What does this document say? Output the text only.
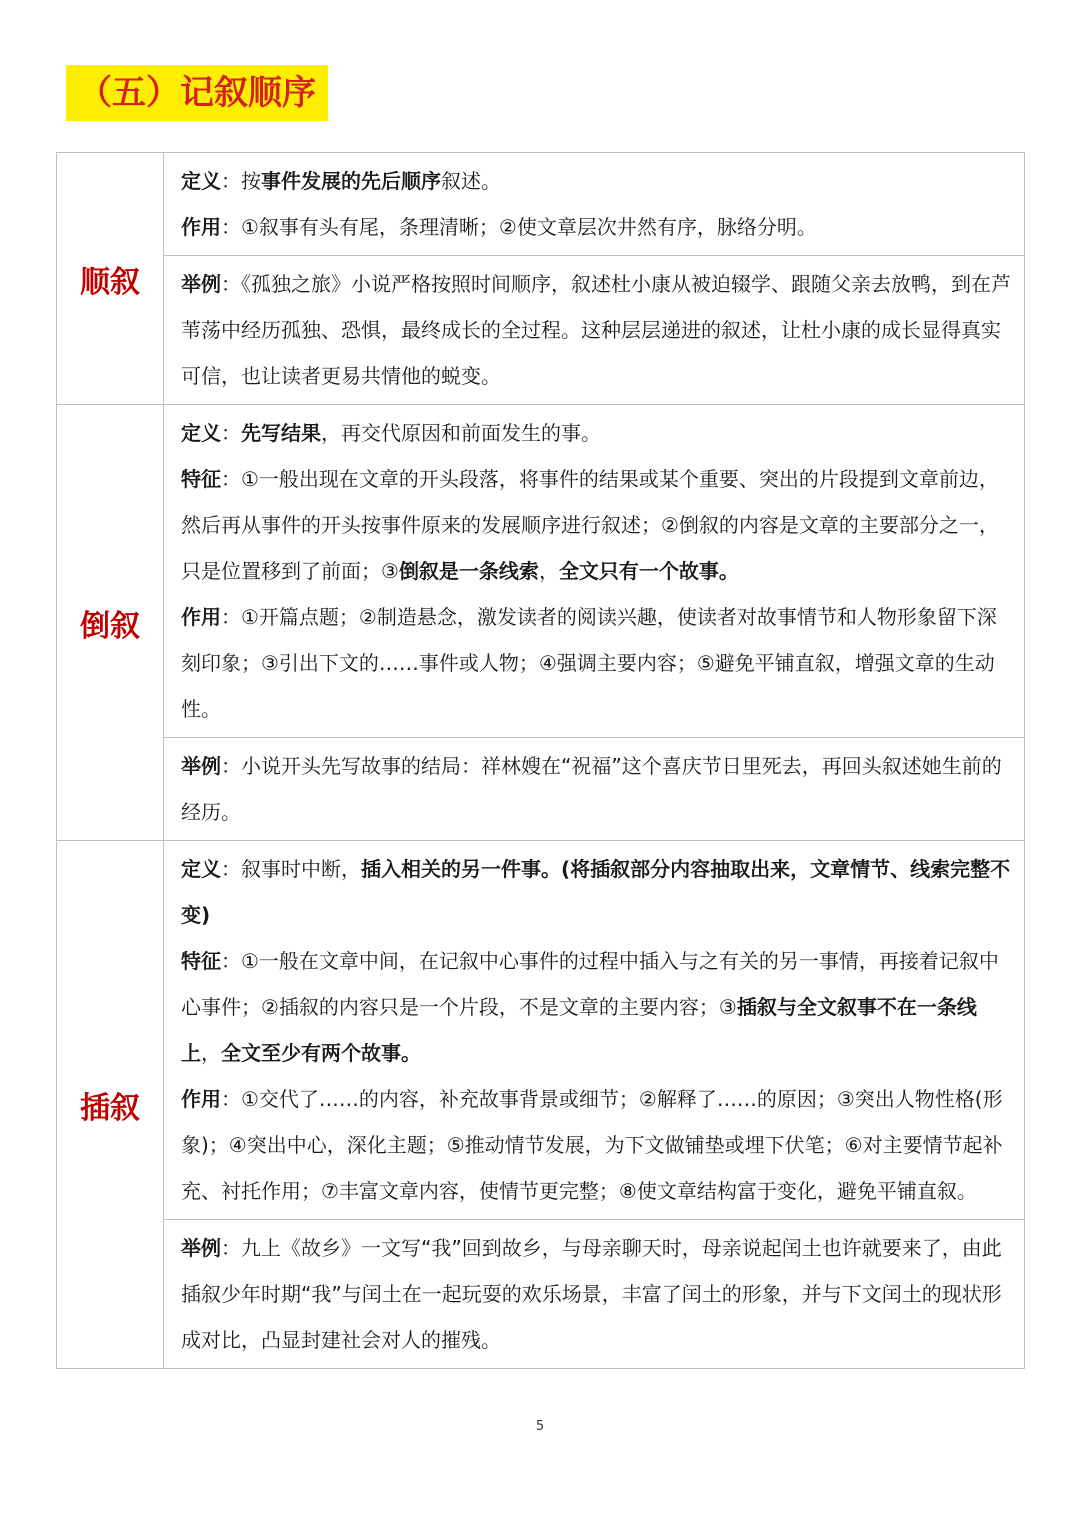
（五）记叙顺序
顺叙	定义：按事件发展的先后顺序叙述。

作用：①叙事有头有尾，条理清晰；②使文章层次井然有序，脉络分明。

	举例：《孤独之旅》小说严格按照时间顺序，叙述杜小康从被迫辍学、跟随父亲去放鸭，到在芦苇荡中经历孤独、恐惧，最终成长的全过程。这种层层递进的叙述，让杜小康的成长显得真实可信，也让读者更易共情他的蜕变。

倒叙	定义：先写结果，再交代原因和前面发生的事。

特征：①一般出现在文章的开头段落，将事件的结果或某个重要、突出的片段提到文章前边，然后再从事件的开头按事件原来的发展顺序进行叙述；②倒叙的内容是文章的主要部分之一，只是位置移到了前面；③倒叙是一条线索，全文只有一个故事。

作用：①开篇点题；②制造悬念，激发读者的阅读兴趣，使读者对故事情节和人物形象留下深刻印象；③引出下文的……事件或人物；④强调主要内容；⑤避免平铺直叙，增强文章的生动性。

	举例：小说开头先写故事的结局：祥林嫂在“祝福”这个喜庆节日里死去，再回头叙述她生前的经历。

插叙	定义：叙事时中断，插入相关的另一件事。(将插叙部分内容抽取出来，文章情节、线索完整不变)

特征：①一般在文章中间，在记叙中心事件的过程中插入与之有关的另一事情，再接着记叙中心事件；②插叙的内容只是一个片段，不是文章的主要内容；③插叙与全文叙事不在一条线上，全文至少有两个故事。

作用：①交代了……的内容，补充故事背景或细节；②解释了……的原因；③突出人物性格(形象)；④突出中心，深化主题；⑤推动情节发展，为下文做铺垫或埋下伏笔；⑥对主要情节起补充、衬托作用；⑦丰富文章内容，使情节更完整；⑧使文章结构富于变化，避免平铺直叙。

	举例：九上《故乡》一文写“我”回到故乡，与母亲聊天时，母亲说起闰土也许就要来了，由此插叙少年时期“我”与闰土在一起玩耍的欢乐场景，丰富了闰土的形象，并与下文闰土的现状形成对比，凸显封建社会对人的摧残。

5
